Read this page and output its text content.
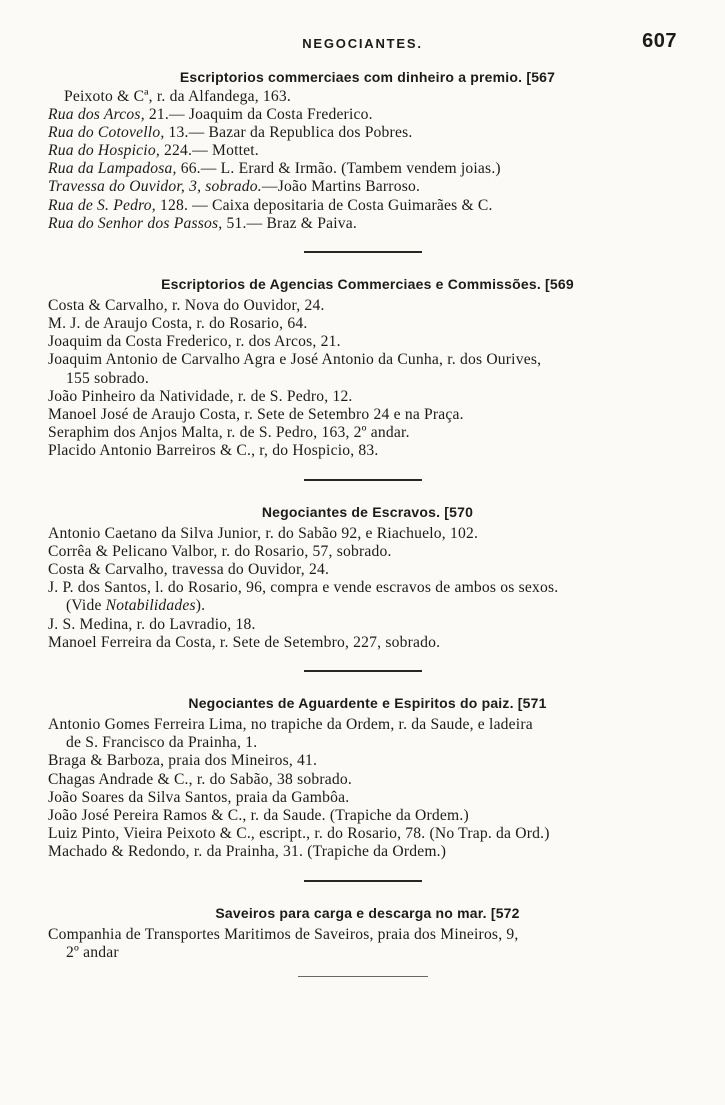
NEGOCIANTES.	607
Escriptorios commerciaes com dinheiro a premio. [567
Peixoto & Cª, r. da Alfandega, 163.
Rua dos Arcos, 21.— Joaquim da Costa Frederico.
Rua do Cotovello, 13.— Bazar da Republica dos Pobres.
Rua do Hospicio, 224.— Mottet.
Rua da Lampadosa, 66.— L. Erard & Irmão. (Tambem vendem joias.)
Travessa do Ouvidor, 3, sobrado.—João Martins Barroso.
Rua de S. Pedro, 128. — Caixa depositaria de Costa Guimarães & C.
Rua do Senhor dos Passos, 51.— Braz & Paiva.
Escriptorios de Agencias Commerciaes e Commissões. [569
Costa & Carvalho, r. Nova do Ouvidor, 24.
M. J. de Araujo Costa, r. do Rosario, 64.
Joaquim da Costa Frederico, r. dos Arcos, 21.
Joaquim Antonio de Carvalho Agra e José Antonio da Cunha, r. dos Ourives,
155 sobrado.
João Pinheiro da Natividade, r. de S. Pedro, 12.
Manoel José de Araujo Costa, r. Sete de Setembro 24 e na Praça.
Seraphim dos Anjos Malta, r. de S. Pedro, 163, 2º andar.
Placido Antonio Barreiros & C., r, do Hospicio, 83.
Negociantes de Escravos. [570
Antonio Caetano da Silva Junior, r. do Sabão 92, e Riachuelo, 102.
Corrêa & Pelicano Valbor, r. do Rosario, 57, sobrado.
Costa & Carvalho, travessa do Ouvidor, 24.
J. P. dos Santos, l. do Rosario, 96, compra e vende escravos de ambos os sexos.
(Vide Notabilidades).
J. S. Medina, r. do Lavradio, 18.
Manoel Ferreira da Costa, r. Sete de Setembro, 227, sobrado.
Negociantes de Aguardente e Espiritos do paiz. [571
Antonio Gomes Ferreira Lima, no trapiche da Ordem, r. da Saude, e ladeira
de S. Francisco da Prainha, 1.
Braga & Barboza, praia dos Mineiros, 41.
Chagas Andrade & C., r. do Sabão, 38 sobrado.
João Soares da Silva Santos, praia da Gambôa.
João José Pereira Ramos & C., r. da Saude. (Trapiche da Ordem.)
Luiz Pinto, Vieira Peixoto & C., escript., r. do Rosario, 78. (No Trap. da Ord.)
Machado & Redondo, r. da Prainha, 31. (Trapiche da Ordem.)
Saveiros para carga e descarga no mar. [572
Companhia de Transportes Maritimos de Saveiros, praia dos Mineiros, 9,
2º andar
